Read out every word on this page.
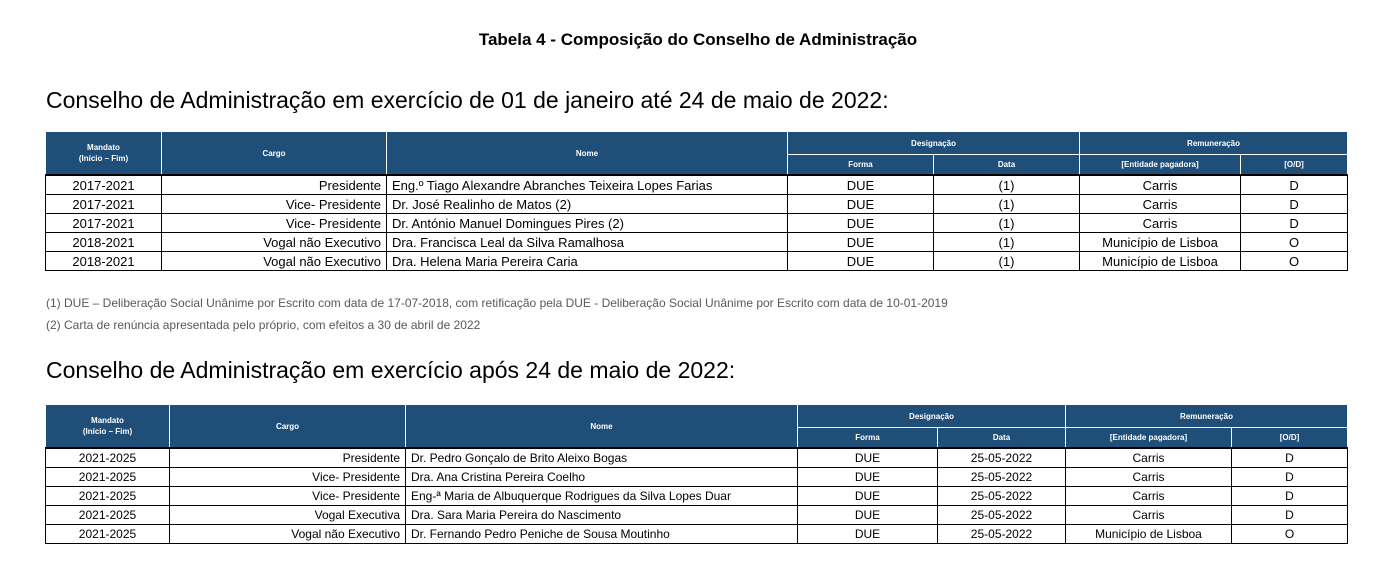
Tabela 4 - Composição do Conselho de Administração
Conselho de Administração em exercício de 01 de janeiro até 24 de maio de 2022:
Mandato
(Início – Fim)	Cargo	Nome	Designação		Remuneração	
			Forma	Data	[Entidade pagadora]	[O/D]
2017-2021	Presidente	Eng.º Tiago Alexandre Abranches Teixeira Lopes Farias	DUE	(1)	Carris	D
2017-2021	Vice- Presidente	Dr. José Realinho de Matos (2)	DUE	(1)	Carris	D
2017-2021	Vice- Presidente	Dr. António Manuel Domingues Pires (2)	DUE	(1)	Carris	D
2018-2021	Vogal não Executivo	Dra. Francisca Leal da Silva Ramalhosa	DUE	(1)	Município de Lisboa	O
2018-2021	Vogal não Executivo	Dra. Helena Maria Pereira Caria	DUE	(1)	Município de Lisboa	O
(1) DUE – Deliberação Social Unânime por Escrito com data de 17-07-2018, com retificação pela DUE - Deliberação Social Unânime por Escrito com data de 10-01-2019
(2) Carta de renúncia apresentada pelo próprio, com efeitos a 30 de abril de 2022
Conselho de Administração em exercício após 24 de maio de 2022:
Mandato
(Início – Fim)	Cargo	Nome	Designação		Remuneração	
			Forma	Data	[Entidade pagadora]	[O/D]
2021-2025	Presidente	Dr. Pedro Gonçalo de Brito Aleixo Bogas	DUE	25-05-2022	Carris	D
2021-2025	Vice- Presidente	Dra. Ana Cristina Pereira Coelho	DUE	25-05-2022	Carris	D
2021-2025	Vice- Presidente	Eng-ª Maria de Albuquerque Rodrigues da Silva Lopes Duar	DUE	25-05-2022	Carris	D
2021-2025	Vogal Executiva	Dra. Sara Maria Pereira do Nascimento	DUE	25-05-2022	Carris	D
2021-2025	Vogal não Executivo	Dr. Fernando Pedro Peniche de Sousa Moutinho	DUE	25-05-2022	Município de Lisboa	O
